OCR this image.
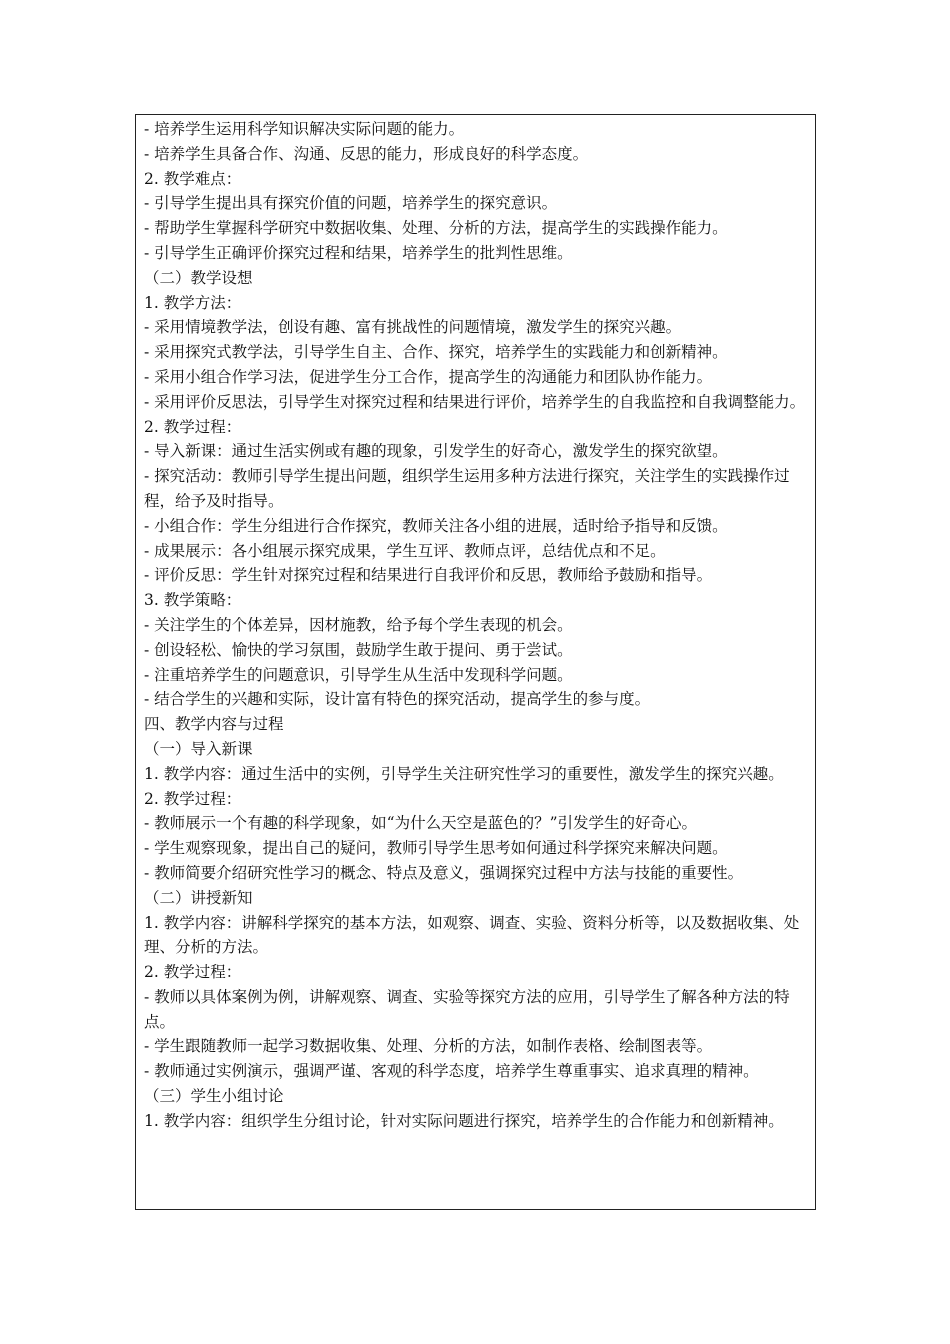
- 培养学生运用科学知识解决实际问题的能力。

- 培养学生具备合作、沟通、反思的能力，形成良好的科学态度。

2. 教学难点：

- 引导学生提出具有探究价值的问题，培养学生的探究意识。

- 帮助学生掌握科学研究中数据收集、处理、分析的方法，提高学生的实践操作能力。

- 引导学生正确评价探究过程和结果，培养学生的批判性思维。

（二）教学设想

1. 教学方法：

- 采用情境教学法，创设有趣、富有挑战性的问题情境，激发学生的探究兴趣。

- 采用探究式教学法，引导学生自主、合作、探究，培养学生的实践能力和创新精神。

- 采用小组合作学习法，促进学生分工合作，提高学生的沟通能力和团队协作能力。

- 采用评价反思法，引导学生对探究过程和结果进行评价，培养学生的自我监控和自我调整能力。

2. 教学过程：

- 导入新课：通过生活实例或有趣的现象，引发学生的好奇心，激发学生的探究欲望。

- 探究活动：教师引导学生提出问题，组织学生运用多种方法进行探究，关注学生的实践操作过程，给予及时指导。

- 小组合作：学生分组进行合作探究，教师关注各小组的进展，适时给予指导和反馈。

- 成果展示：各小组展示探究成果，学生互评、教师点评，总结优点和不足。

- 评价反思：学生针对探究过程和结果进行自我评价和反思，教师给予鼓励和指导。

3. 教学策略：

- 关注学生的个体差异，因材施教，给予每个学生表现的机会。

- 创设轻松、愉快的学习氛围，鼓励学生敢于提问、勇于尝试。

- 注重培养学生的问题意识，引导学生从生活中发现科学问题。

- 结合学生的兴趣和实际，设计富有特色的探究活动，提高学生的参与度。

四、教学内容与过程

（一）导入新课

1. 教学内容：通过生活中的实例，引导学生关注研究性学习的重要性，激发学生的探究兴趣。

2. 教学过程：

- 教师展示一个有趣的科学现象，如“为什么天空是蓝色的？”引发学生的好奇心。

- 学生观察现象，提出自己的疑问，教师引导学生思考如何通过科学探究来解决问题。

- 教师简要介绍研究性学习的概念、特点及意义，强调探究过程中方法与技能的重要性。

（二）讲授新知

1. 教学内容：讲解科学探究的基本方法，如观察、调查、实验、资料分析等，以及数据收集、处理、分析的方法。

2. 教学过程：

- 教师以具体案例为例，讲解观察、调查、实验等探究方法的应用，引导学生了解各种方法的特点。

- 学生跟随教师一起学习数据收集、处理、分析的方法，如制作表格、绘制图表等。

- 教师通过实例演示，强调严谨、客观的科学态度，培养学生尊重事实、追求真理的精神。

（三）学生小组讨论

1. 教学内容：组织学生分组讨论，针对实际问题进行探究，培养学生的合作能力和创新精神。
